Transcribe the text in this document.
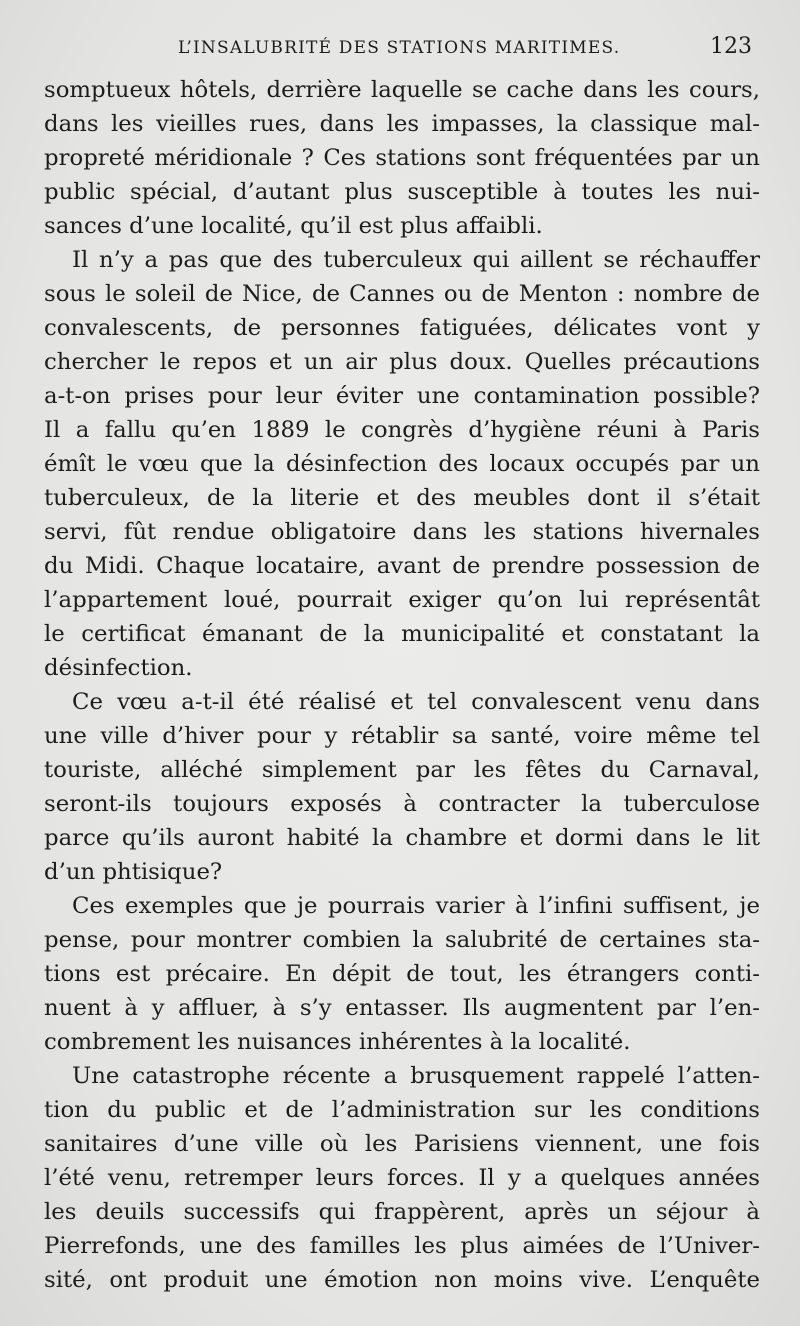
L’INSALUBRITÉ DES STATIONS MARITIMES.	123
somptueux hôtels, derrière laquelle se cache dans les cours,
dans les vieilles rues, dans les impasses, la classique mal-
propreté méridionale ? Ces stations sont fréquentées par un
public spécial, d’autant plus susceptible à toutes les nui-
sances d’une localité, qu’il est plus affaibli.
Il n’y a pas que des tuberculeux qui aillent se réchauffer
sous le soleil de Nice, de Cannes ou de Menton : nombre de
convalescents, de personnes fatiguées, délicates vont y
chercher le repos et un air plus doux. Quelles précautions
a-t-on prises pour leur éviter une contamination possible?
Il a fallu qu’en 1889 le congrès d’hygiène réuni à Paris
émît le vœu que la désinfection des locaux occupés par un
tuberculeux, de la literie et des meubles dont il s’était
servi, fût rendue obligatoire dans les stations hivernales
du Midi. Chaque locataire, avant de prendre possession de
l’appartement loué, pourrait exiger qu’on lui représentât
le certificat émanant de la municipalité et constatant la
désinfection.
Ce vœu a-t-il été réalisé et tel convalescent venu dans
une ville d’hiver pour y rétablir sa santé, voire même tel
touriste, alléché simplement par les fêtes du Carnaval,
seront-ils toujours exposés à contracter la tuberculose
parce qu’ils auront habité la chambre et dormi dans le lit
d’un phtisique?
Ces exemples que je pourrais varier à l’infini suffisent, je
pense, pour montrer combien la salubrité de certaines sta-
tions est précaire. En dépit de tout, les étrangers conti-
nuent à y affluer, à s’y entasser. Ils augmentent par l’en-
combrement les nuisances inhérentes à la localité.
Une catastrophe récente a brusquement rappelé l’atten-
tion du public et de l’administration sur les conditions
sanitaires d’une ville où les Parisiens viennent, une fois
l’été venu, retremper leurs forces. Il y a quelques années
les deuils successifs qui frappèrent, après un séjour à
Pierrefonds, une des familles les plus aimées de l’Univer-
sité, ont produit une émotion non moins vive. L’enquête
